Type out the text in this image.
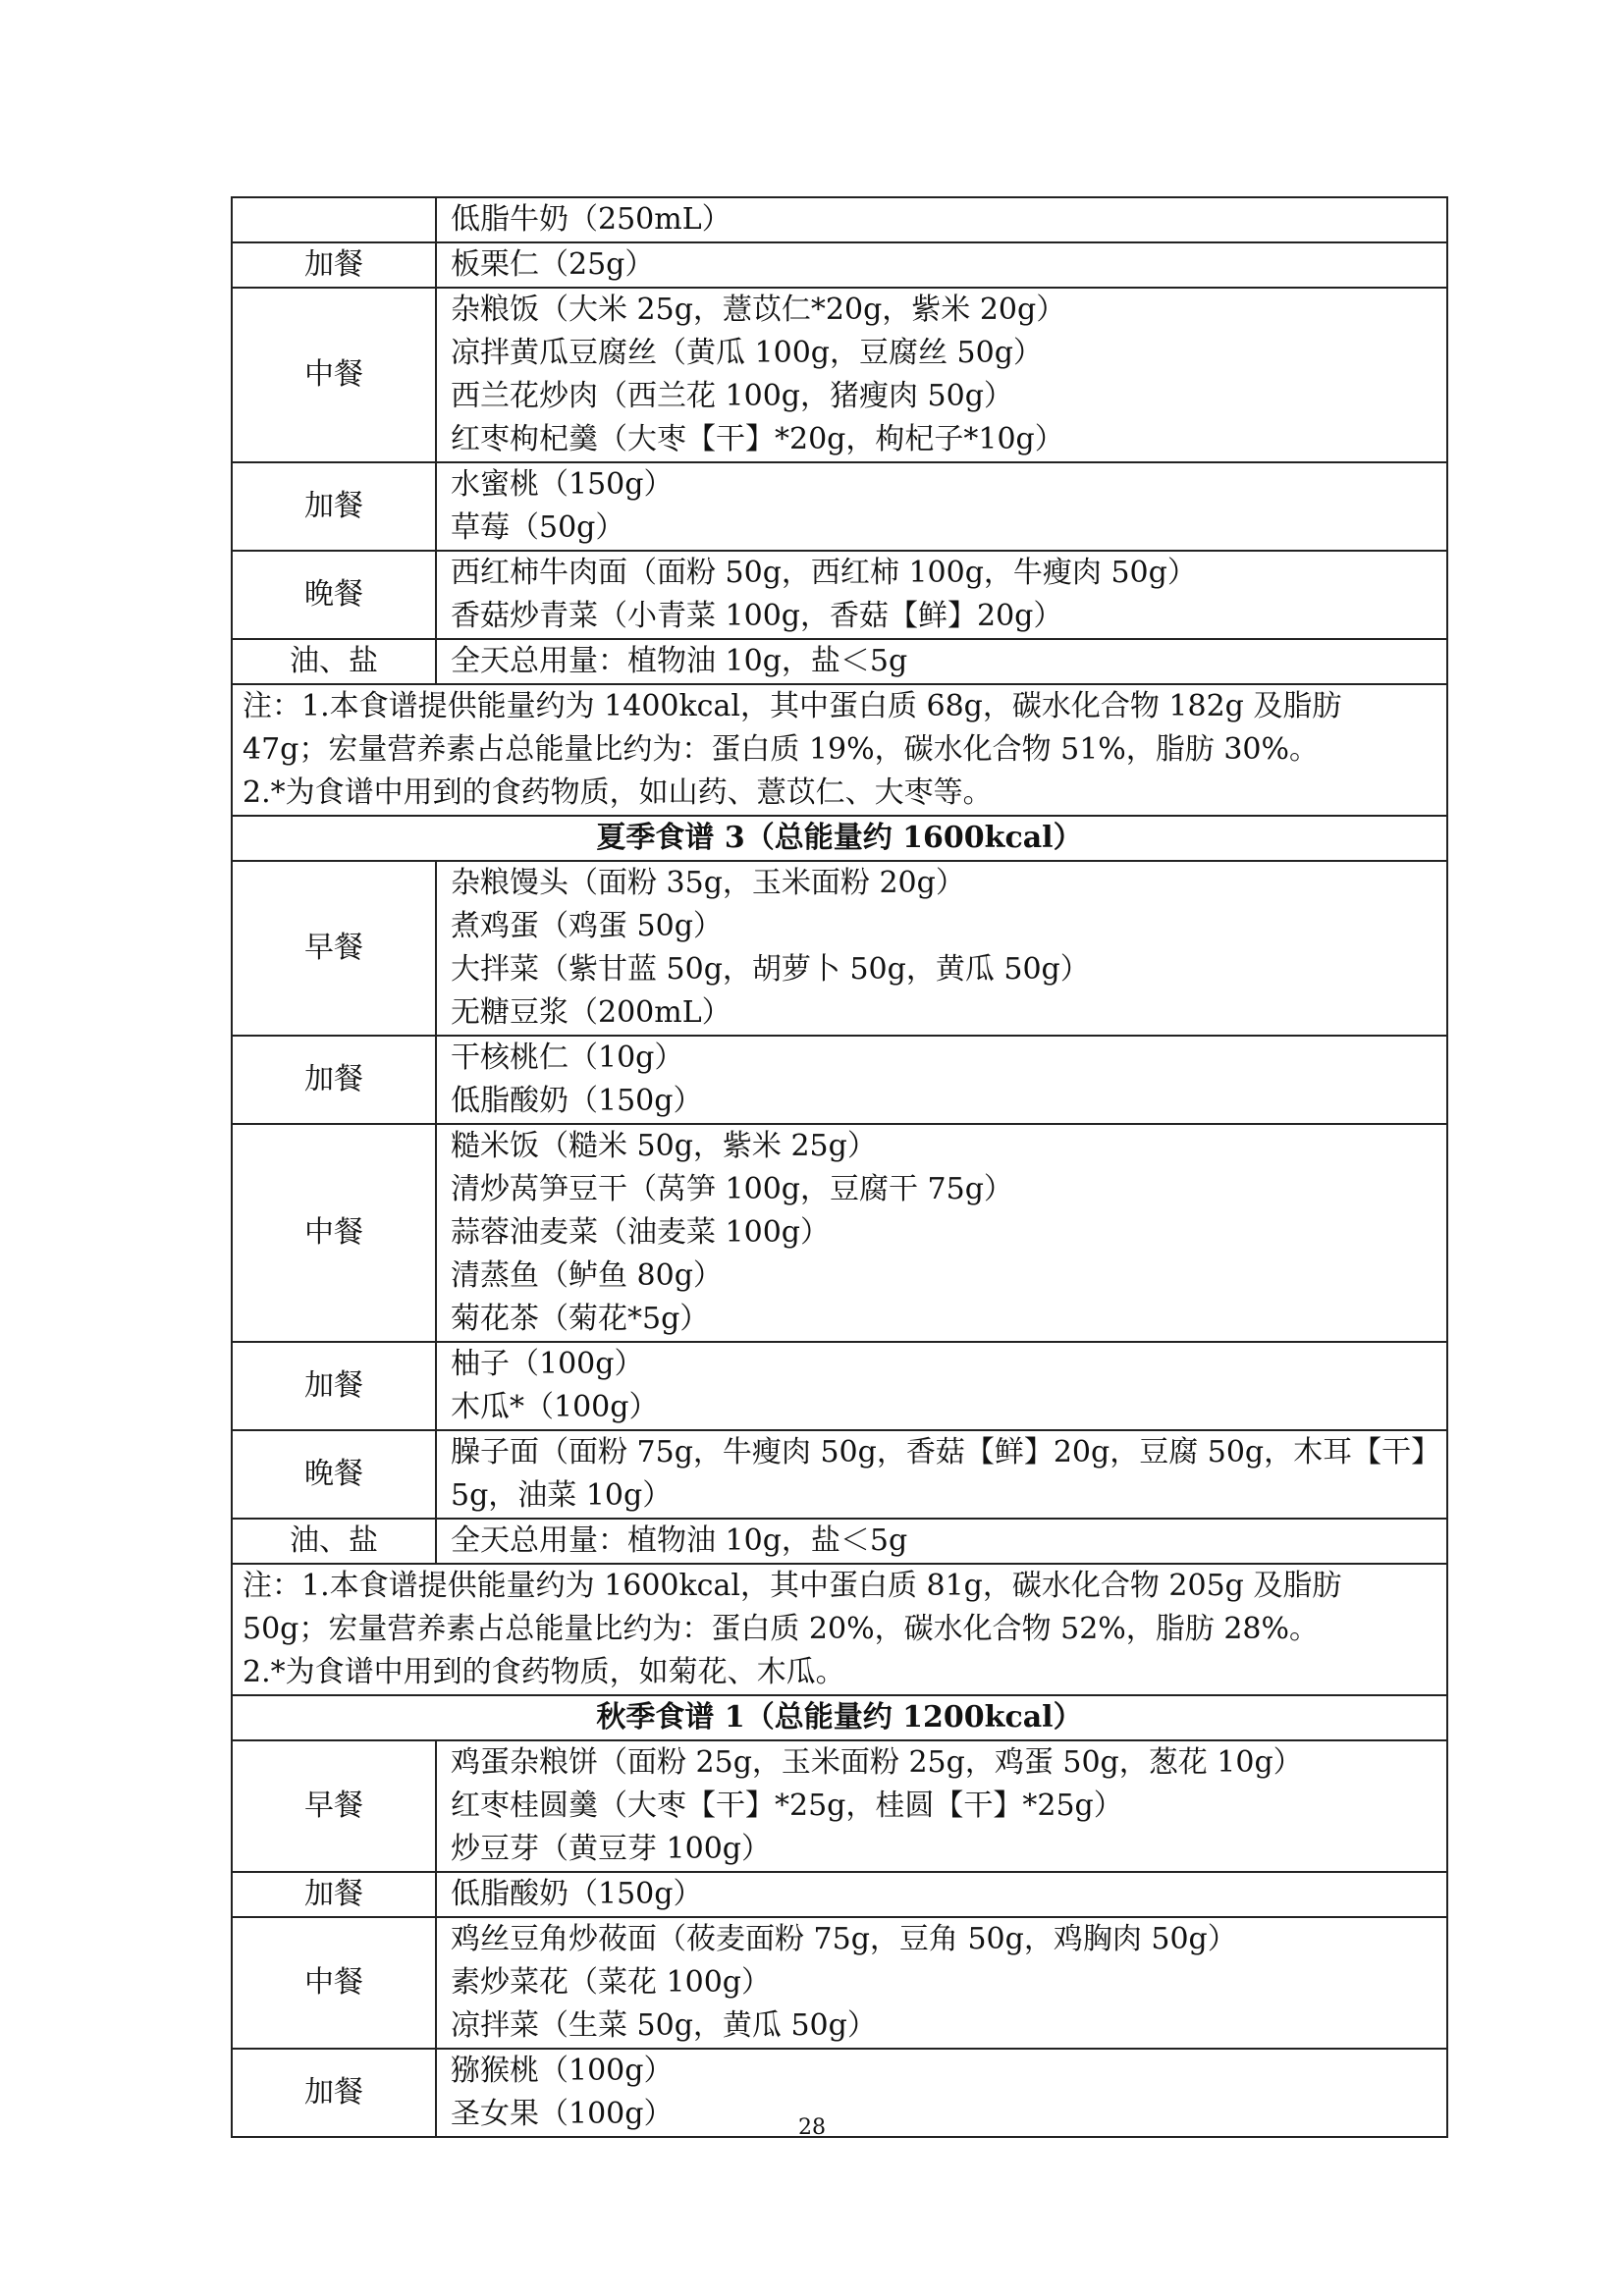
	低脂牛奶（250mL）

加餐	板栗仁（25g）

中餐	杂粮饭（大米 25g，薏苡仁*20g，紫米 20g）
凉拌黄瓜豆腐丝（黄瓜 100g，豆腐丝 50g）
西兰花炒肉（西兰花 100g，猪瘦肉 50g）
红枣枸杞羹（大枣【干】*20g，枸杞子*10g）

加餐	水蜜桃（150g）
草莓（50g）

晚餐	西红柿牛肉面（面粉 50g，西红柿 100g，牛瘦肉 50g）
香菇炒青菜（小青菜 100g，香菇【鲜】20g）

油、盐	全天总用量：植物油 10g，盐＜5g

注：1.本食谱提供能量约为 1400kcal，其中蛋白质 68g，碳水化合物 182g 及脂肪
47g；宏量营养素占总能量比约为：蛋白质 19%，碳水化合物 51%，脂肪 30%。
2.*为食谱中用到的食药物质，如山药、薏苡仁、大枣等。	

夏季食谱 3（总能量约 1600kcal）	
早餐	杂粮馒头（面粉 35g，玉米面粉 20g）
煮鸡蛋（鸡蛋 50g）
大拌菜（紫甘蓝 50g，胡萝卜 50g，黄瓜 50g）
无糖豆浆（200mL）

加餐	干核桃仁（10g）
低脂酸奶（150g）

中餐	糙米饭（糙米 50g，紫米 25g）
清炒莴笋豆干（莴笋 100g，豆腐干 75g）
蒜蓉油麦菜（油麦菜 100g）
清蒸鱼（鲈鱼 80g）
菊花茶（菊花*5g）

加餐	柚子（100g）
木瓜*（100g）

晚餐	臊子面（面粉 75g，牛瘦肉 50g，香菇【鲜】20g，豆腐 50g，木耳【干】
5g，油菜 10g）

油、盐	全天总用量：植物油 10g，盐＜5g

注：1.本食谱提供能量约为 1600kcal，其中蛋白质 81g，碳水化合物 205g 及脂肪
50g；宏量营养素占总能量比约为：蛋白质 20%，碳水化合物 52%，脂肪 28%。
2.*为食谱中用到的食药物质，如菊花、木瓜。	

秋季食谱 1（总能量约 1200kcal）	
早餐	鸡蛋杂粮饼（面粉 25g，玉米面粉 25g，鸡蛋 50g，葱花 10g）
红枣桂圆羹（大枣【干】*25g，桂圆【干】*25g）
炒豆芽（黄豆芽 100g）

加餐	低脂酸奶（150g）

中餐	鸡丝豆角炒莜面（莜麦面粉 75g，豆角 50g，鸡胸肉 50g）
素炒菜花（菜花 100g）
凉拌菜（生菜 50g，黄瓜 50g）

加餐	猕猴桃（100g）
圣女果（100g）	28
